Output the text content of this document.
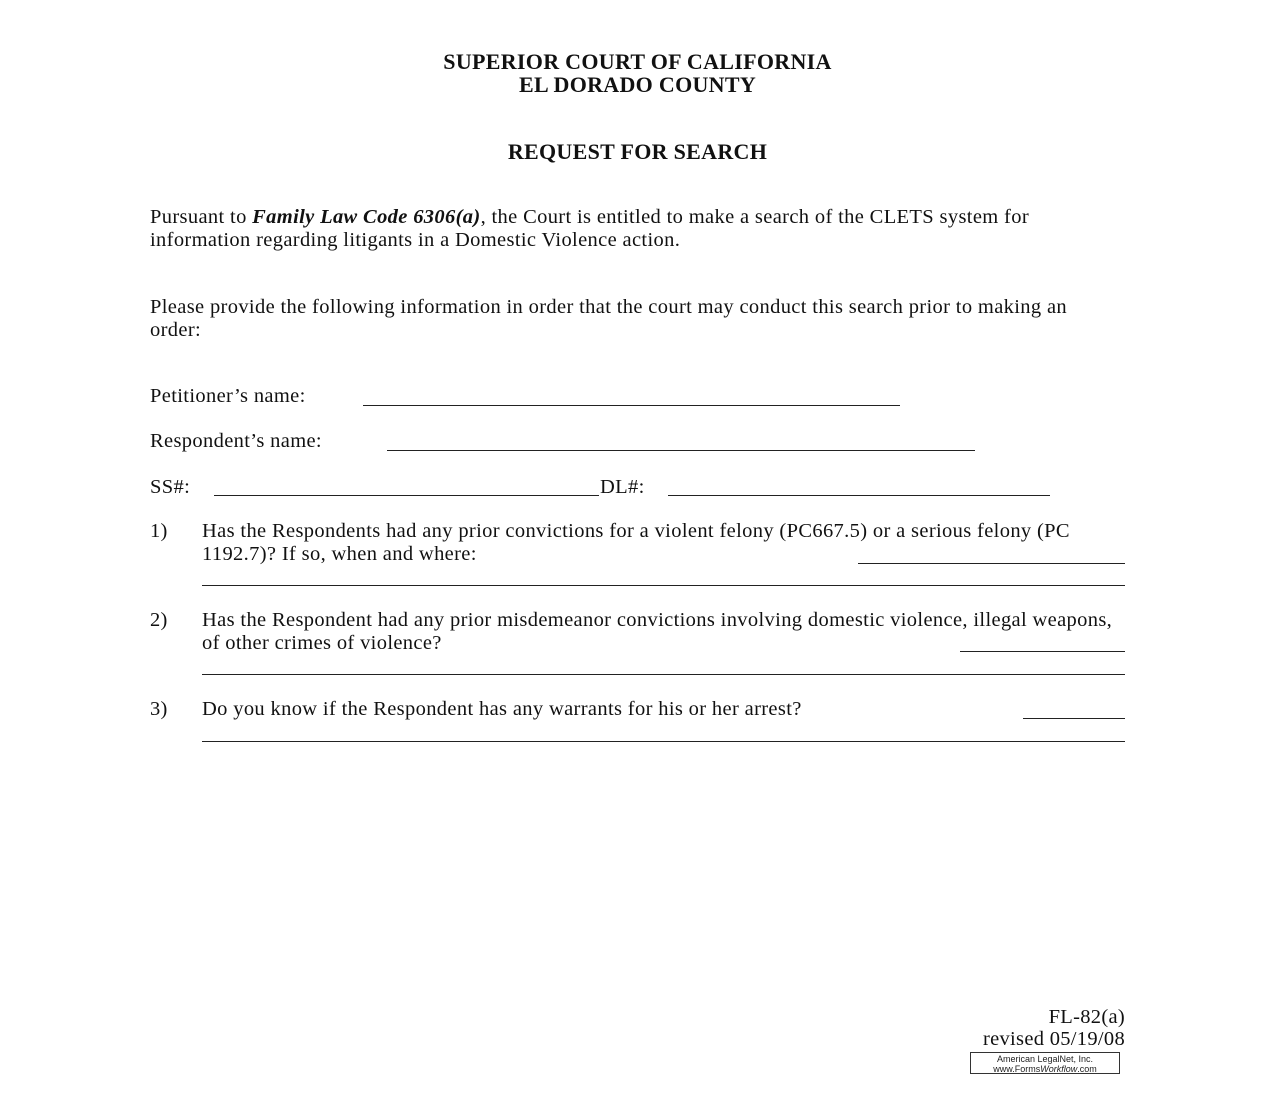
SUPERIOR COURT OF CALIFORNIA
EL DORADO COUNTY
REQUEST FOR SEARCH
Pursuant to Family Law Code 6306(a), the Court is entitled to make a search of the CLETS system for information regarding litigants in a Domestic Violence action.
Please provide the following information in order that the court may conduct this search prior to making an order:
Petitioner’s name:
Respondent’s name:
SS#:	DL#:
1) Has the Respondents had any prior convictions for a violent felony (PC667.5) or a serious felony (PC 1192.7)? If so, when and where:
2) Has the Respondent had any prior misdemeanor convictions involving domestic violence, illegal weapons, of other crimes of violence?
3) Do you know if the Respondent has any warrants for his or her arrest?
FL-82(a)
revised 05/19/08
American LegalNet, Inc.
www.FormsWorkflow.com
